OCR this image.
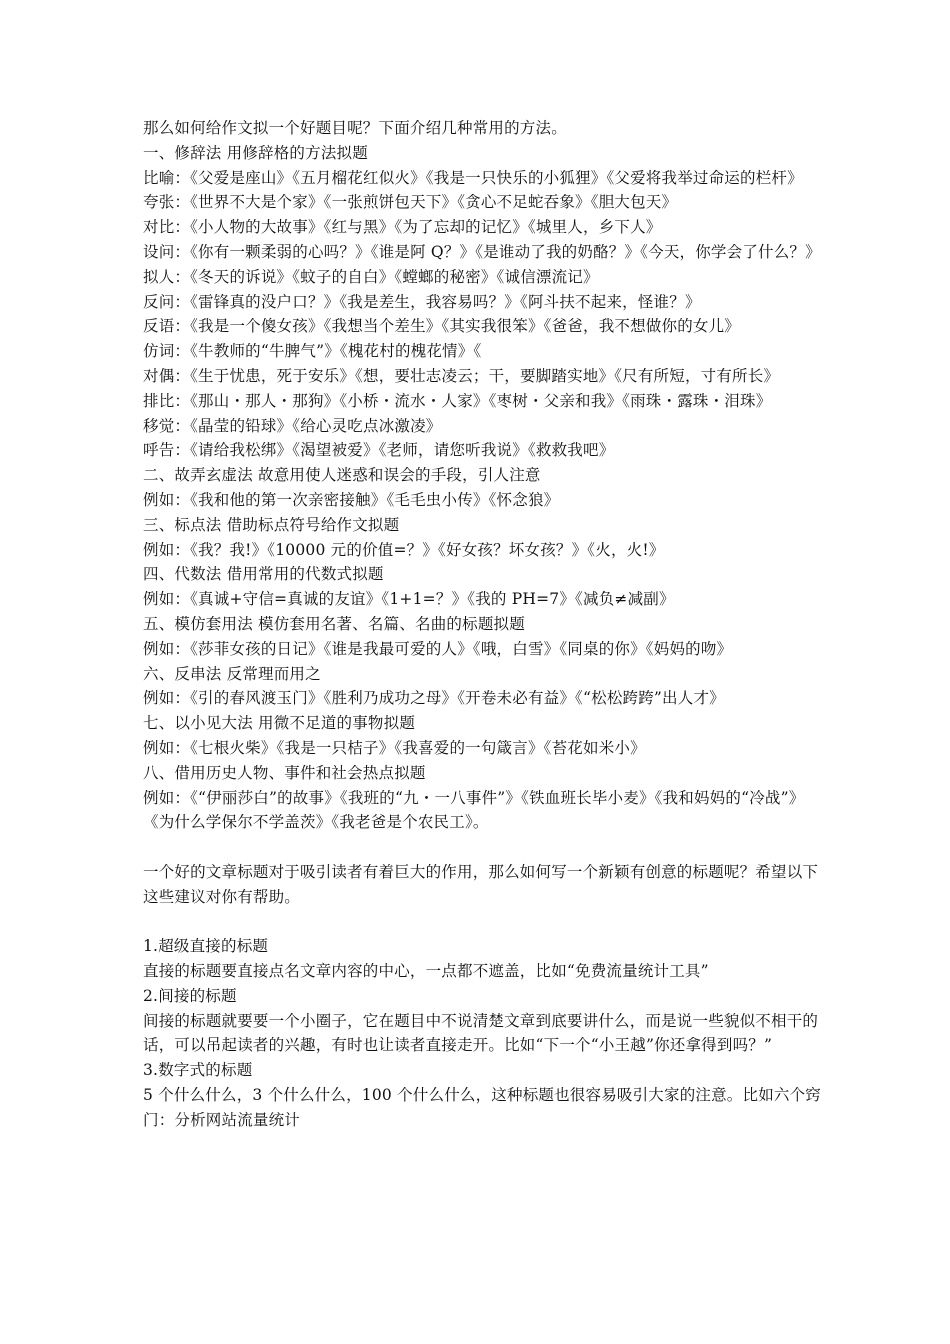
那么如何给作文拟一个好题目呢？下面介绍几种常用的方法。

一、修辞法 用修辞格的方法拟题

比喻：《父爱是座山》《五月榴花红似火》《我是一只快乐的小狐狸》《父爱将我举过命运的栏杆》

夸张：《世界不大是个家》《一张煎饼包天下》《贪心不足蛇吞象》《胆大包天》

对比：《小人物的大故事》《红与黑》《为了忘却的记忆》《城里人，乡下人》

设问：《你有一颗柔弱的心吗？》《谁是阿 Q？》《是谁动了我的奶酪？》《今天，你学会了什么？》

拟人：《冬天的诉说》《蚊子的自白》《螳螂的秘密》《诚信漂流记》

反问：《雷锋真的没户口？》《我是差生，我容易吗？》《阿斗扶不起来，怪谁？》

反语：《我是一个傻女孩》《我想当个差生》《其实我很笨》《爸爸，我不想做你的女儿》

仿词：《牛教师的“牛脾气”》《槐花村的槐花情》《

对偶：《生于忧患，死于安乐》《想，要壮志凌云；干，要脚踏实地》《尺有所短，寸有所长》

排比：《那山・那人・那狗》《小桥・流水・人家》《枣树・父亲和我》《雨珠・露珠・泪珠》

移觉：《晶莹的铅球》《给心灵吃点冰激凌》

呼告：《请给我松绑》《渴望被爱》《老师，请您听我说》《救救我吧》

二、故弄玄虚法 故意用使人迷惑和误会的手段，引人注意

例如：《我和他的第一次亲密接触》《毛毛虫小传》《怀念狼》

三、标点法 借助标点符号给作文拟题

例如：《我？我!》《10000 元的价值=？》《好女孩？坏女孩？》《火，火!》

四、代数法 借用常用的代数式拟题

例如：《真诚+守信=真诚的友谊》《1+1=？》《我的 PH=7》《减负≠减副》

五、模仿套用法 模仿套用名著、名篇、名曲的标题拟题

例如：《莎菲女孩的日记》《谁是我最可爱的人》《哦，白雪》《同桌的你》《妈妈的吻》

六、反串法 反常理而用之

例如：《引的春风渡玉门》《胜利乃成功之母》《开卷未必有益》《“松松跨跨”出人才》

七、以小见大法 用微不足道的事物拟题

例如：《七根火柴》《我是一只桔子》《我喜爱的一句箴言》《苔花如米小》

八、借用历史人物、事件和社会热点拟题

例如：《“伊丽莎白”的故事》《我班的“九・一八事件”》《铁血班长毕小麦》《我和妈妈的“冷战”》《为什么学保尔不学盖茨》《我老爸是个农民工》。

一个好的文章标题对于吸引读者有着巨大的作用，那么如何写一个新颖有创意的标题呢？希望以下这些建议对你有帮助。

1.超级直接的标题

直接的标题要直接点名文章内容的中心，一点都不遮盖，比如“免费流量统计工具”

2.间接的标题

间接的标题就要要一个小圈子，它在题目中不说清楚文章到底要讲什么，而是说一些貌似不相干的话，可以吊起读者的兴趣，有时也让读者直接走开。比如“下一个“小王越”你还拿得到吗？”

3.数字式的标题

5 个什么什么，3 个什么什么，100 个什么什么，这种标题也很容易吸引大家的注意。比如六个窍门：分析网站流量统计
